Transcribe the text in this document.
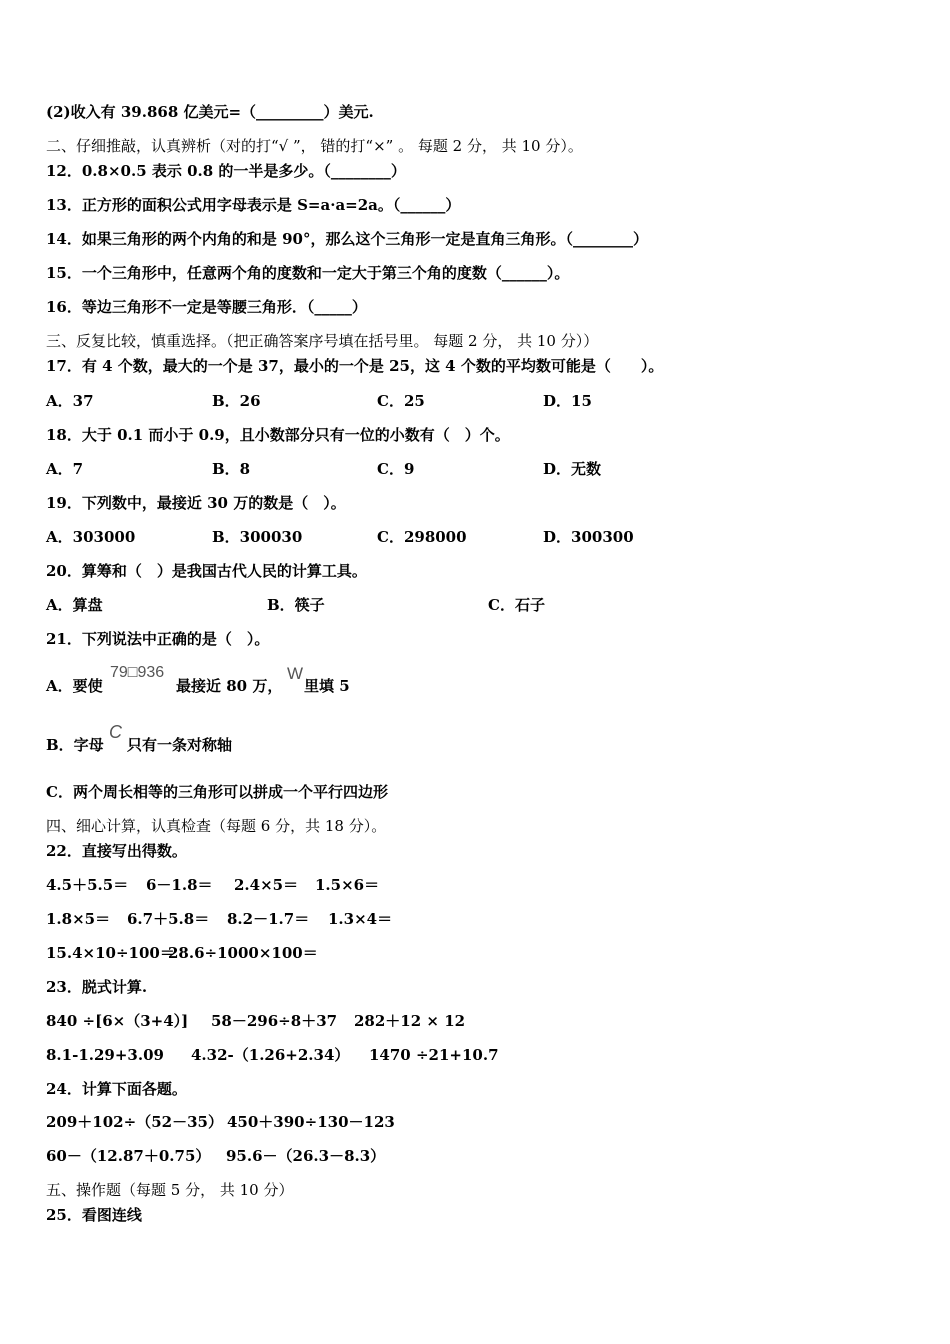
(2)收入有 39.868 亿美元=（_________）美元.
二、仔细推敲，认真辨析（对的打“√ ”， 错的打“×” 。 每题 2 分， 共 10 分）。
12．0.8×0.5 表示 0.8 的一半是多少。（________）
13．正方形的面积公式用字母表示是 S=a·a=2a。（______）
14．如果三角形的两个内角的和是 90°，那么这个三角形一定是直角三角形。（________）
15．一个三角形中，任意两个角的度数和一定大于第三个角的度数（______）。
16．等边三角形不一定是等腰三角形．（_____）
三、反复比较，慎重选择。（把正确答案序号填在括号里。 每题 2 分， 共 10 分））
17．有 4 个数，最大的一个是 37，最小的一个是 25，这 4 个数的平均数可能是（　　）。
A．37	B．26	C．25	D．15
18．大于 0.1 而小于 0.9，且小数部分只有一位的小数有（　）个。
A．7	B．8	C．9	D．无数
19．下列数中，最接近 30 万的数是（　）。
A．303000	B．300030	C．298000	D．300300
20．算筹和（　）是我国古代人民的计算工具。
A．算盘	B．筷子	C．石子
21．下列说法中正确的是（　）。
A．要使
79□936
最接近 80 万，
W
里填 5
B．字母
C
只有一条对称轴
C．两个周长相等的三角形可以拼成一个平行四边形
四、细心计算，认真检查（每题 6 分，共 18 分）。
22．直接写出得数。
4.5＋5.5＝ 6－1.8＝ 2.4×5＝ 1.5×6＝
1.8×5＝ 6.7＋5.8＝ 8.2－1.7＝ 1.3×4＝
15.4×10÷100＝
28.6÷1000×100＝
23．脱式计算.
840 ÷[6×（3+4）] 58－296÷8＋37 282＋12 × 12
8.1-1.29+3.09 4.32-（1.26+2.34） 1470 ÷21+10.7
24．计算下面各题。
209＋102÷（52－35） 450＋390÷130－123
60－（12.87＋0.75） 95.6－（26.3－8.3）
五、操作题（每题 5 分， 共 10 分）
25．看图连线
